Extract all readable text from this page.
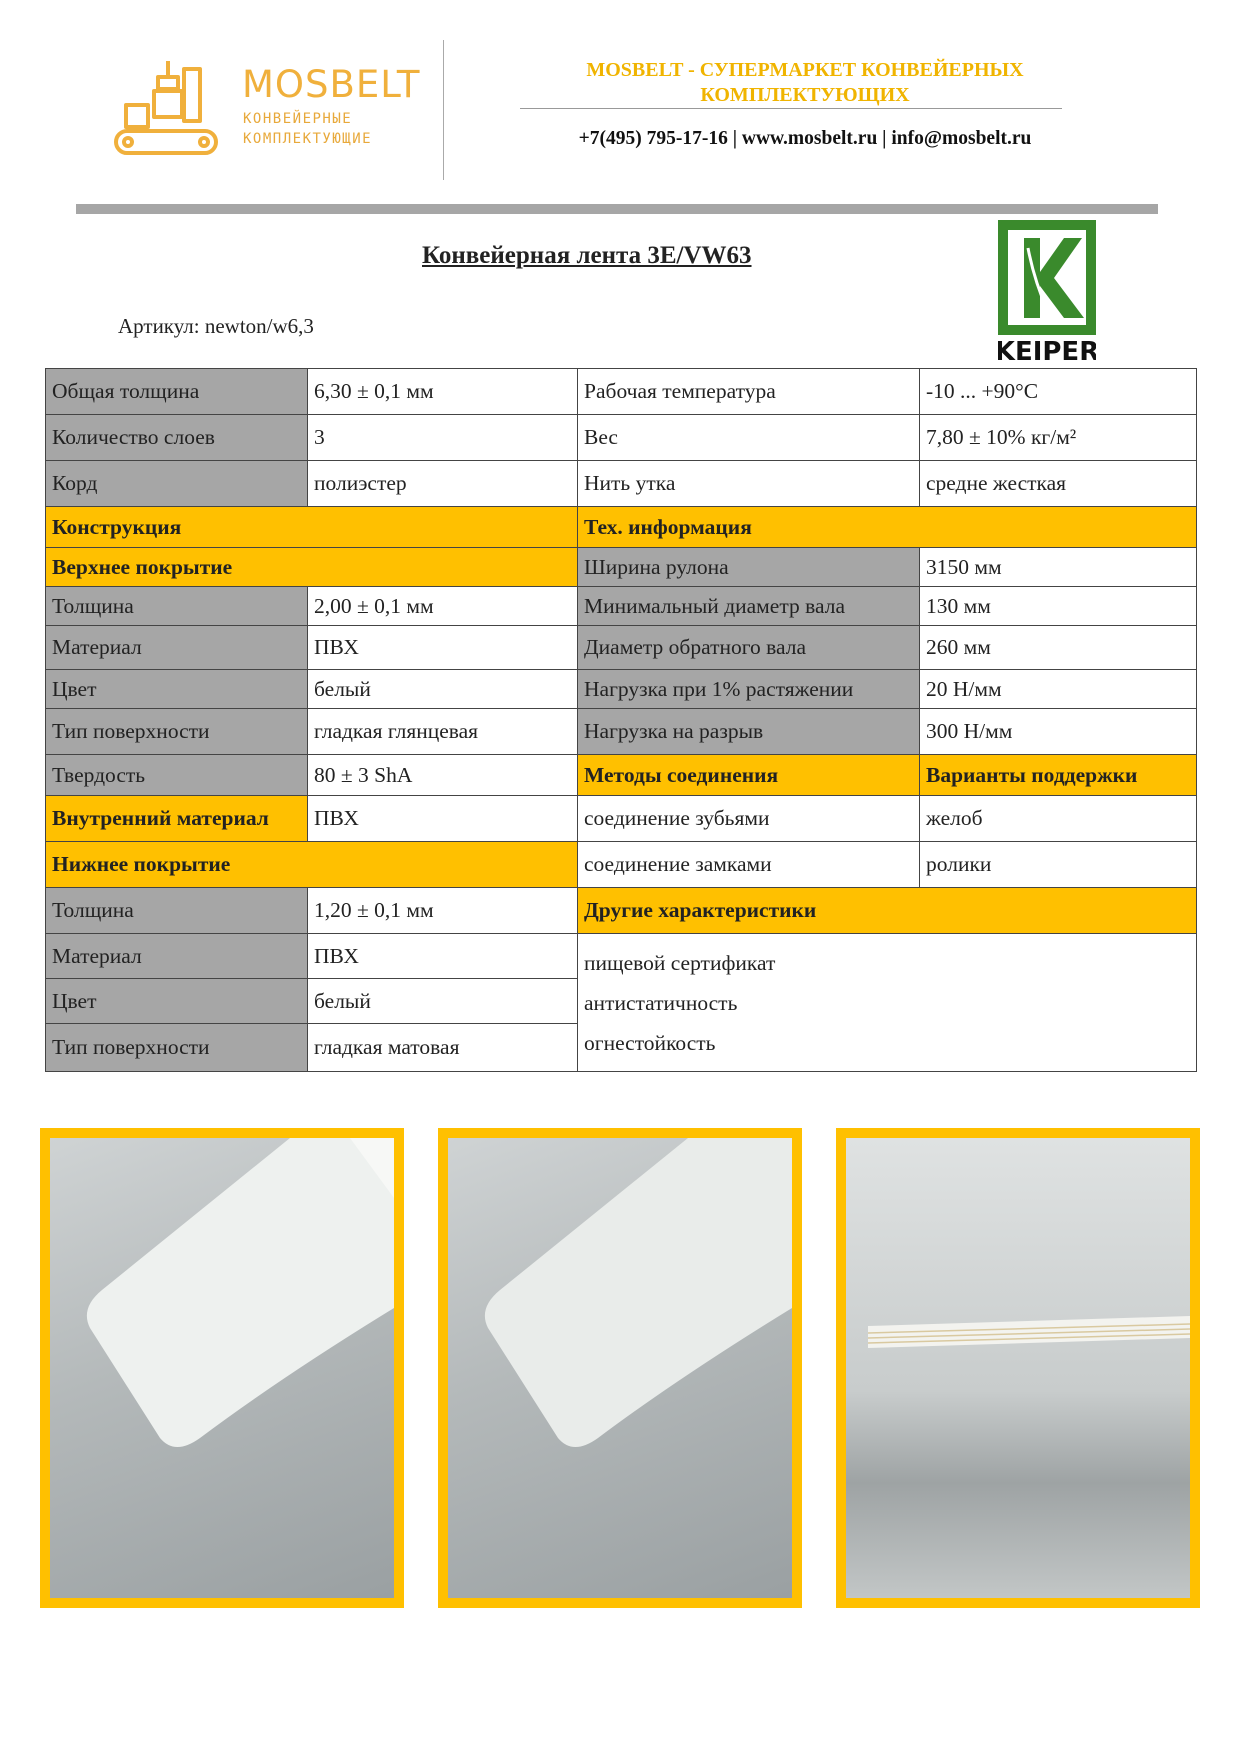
MOSBELT
КОНВЕЙЕРНЫЕ
КОМПЛЕКТУЮЩИЕ
MOSBELT - СУПЕРМАРКЕТ КОНВЕЙЕРНЫХ КОМПЛЕКТУЮЩИХ
+7(495) 795-17-16 | www.mosbelt.ru | info@mosbelt.ru
Конвейерная лента 3E/VW63
Артикул: newton/w6,3
KEIPER
Общая толщина	6,30 ± 0,1 мм	Рабочая температура	-10 ... +90°C
Количество слоев	3	Вес	7,80 ± 10% кг/м²
Корд	полиэстер	Нить утка	средне жесткая
Конструкция		Тех. информация	
Верхнее покрытие		Ширина рулона	3150 мм
Толщина	2,00 ± 0,1 мм	Минимальный диаметр вала	130 мм
Материал	ПВХ	Диаметр обратного вала	260 мм
Цвет	белый	Нагрузка при 1% растяжении	20 Н/мм
Тип поверхности	гладкая глянцевая	Нагрузка на разрыв	300 Н/мм
Твердость	80 ± 3 ShA	Методы соединения	Варианты поддержки
Внутренний материал	ПВХ	соединение зубьями	желоб
Нижнее покрытие		соединение замками	ролики
Толщина	1,20 ± 0,1 мм	Другие характеристики	
Материал	ПВХ	пищевой сертификат
антистатичность
огнестойкость	

Цвет	белый		
Тип поверхности	гладкая матовая		
